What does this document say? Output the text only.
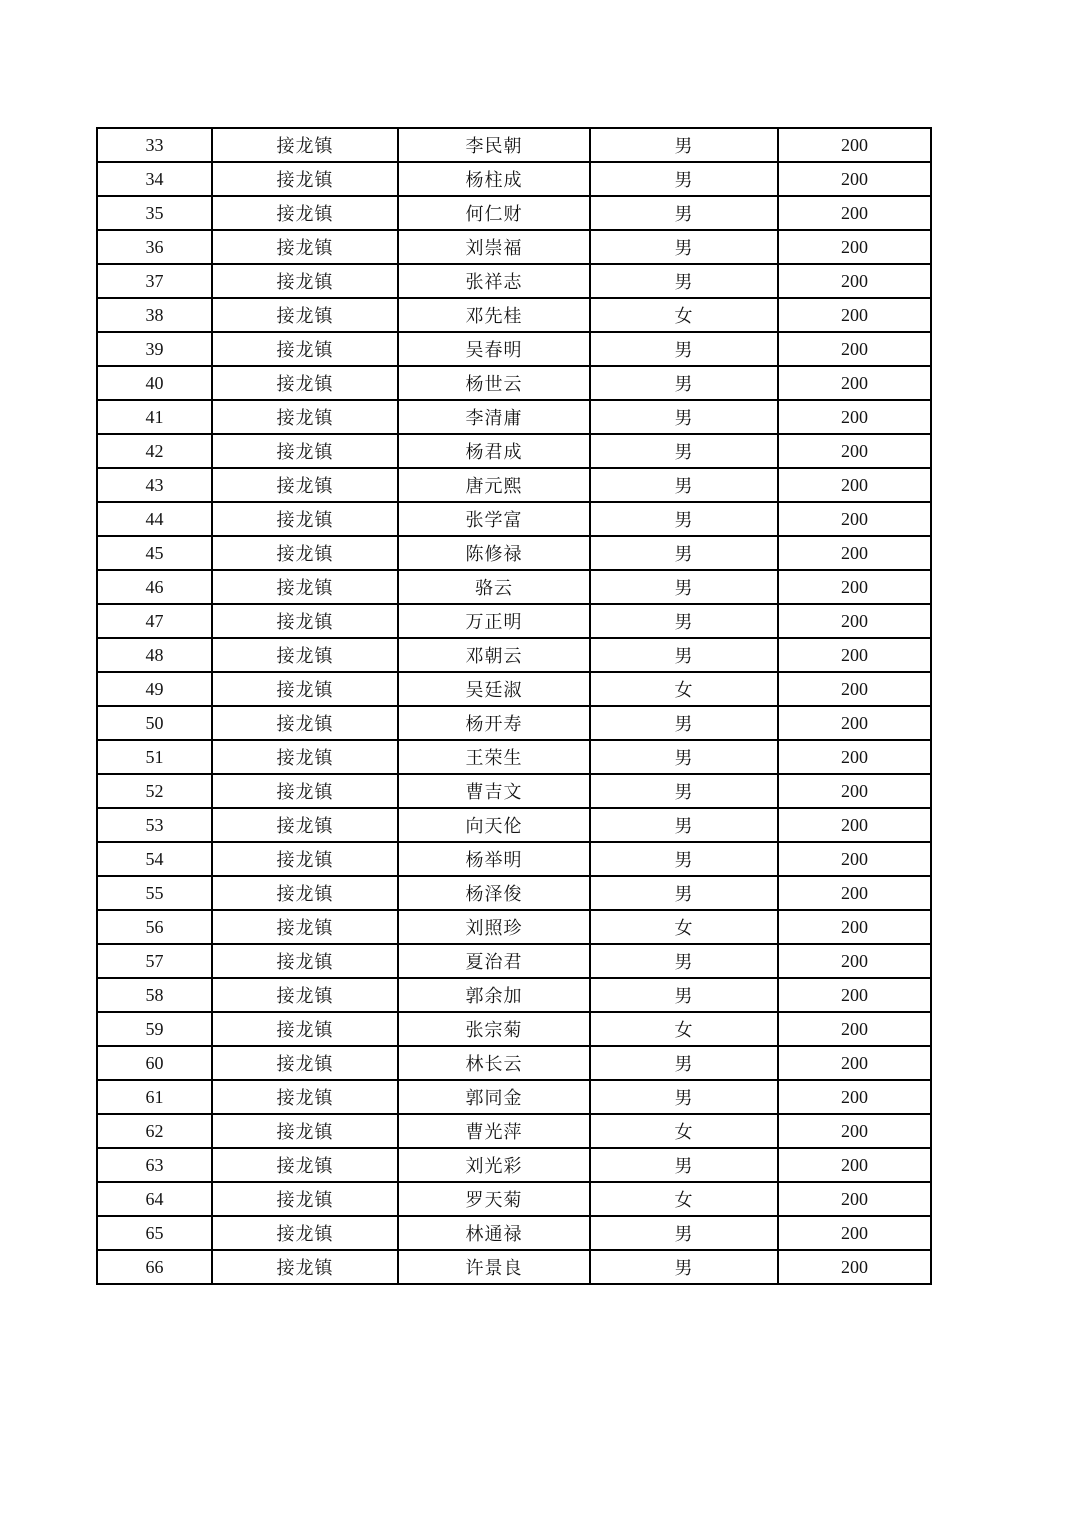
33	接龙镇	李民朝	男	200
34	接龙镇	杨柱成	男	200
35	接龙镇	何仁财	男	200
36	接龙镇	刘崇福	男	200
37	接龙镇	张祥志	男	200
38	接龙镇	邓先桂	女	200
39	接龙镇	吴春明	男	200
40	接龙镇	杨世云	男	200
41	接龙镇	李清庸	男	200
42	接龙镇	杨君成	男	200
43	接龙镇	唐元熙	男	200
44	接龙镇	张学富	男	200
45	接龙镇	陈修禄	男	200
46	接龙镇	骆云	男	200
47	接龙镇	万正明	男	200
48	接龙镇	邓朝云	男	200
49	接龙镇	吴廷淑	女	200
50	接龙镇	杨开寿	男	200
51	接龙镇	王荣生	男	200
52	接龙镇	曹吉文	男	200
53	接龙镇	向天伦	男	200
54	接龙镇	杨举明	男	200
55	接龙镇	杨泽俊	男	200
56	接龙镇	刘照珍	女	200
57	接龙镇	夏治君	男	200
58	接龙镇	郭余加	男	200
59	接龙镇	张宗菊	女	200
60	接龙镇	林长云	男	200
61	接龙镇	郭同金	男	200
62	接龙镇	曹光萍	女	200
63	接龙镇	刘光彩	男	200
64	接龙镇	罗天菊	女	200
65	接龙镇	林通禄	男	200
66	接龙镇	许景良	男	200
